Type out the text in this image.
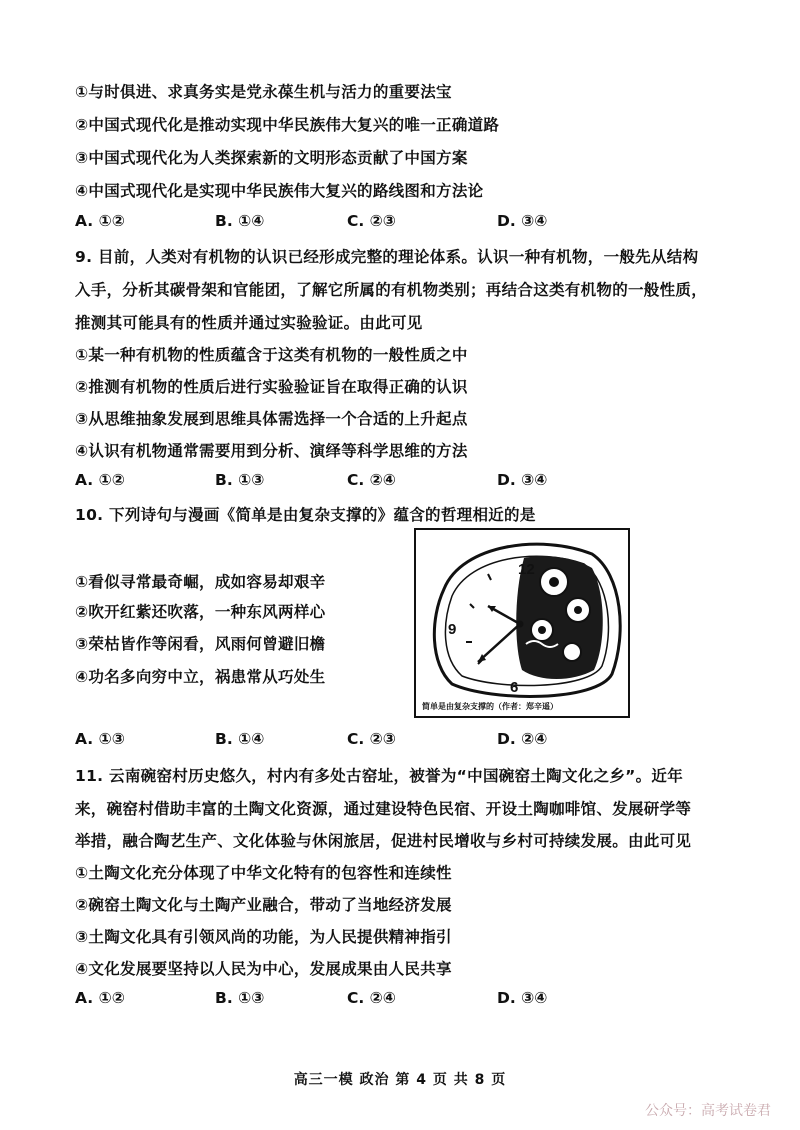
①与时俱进、求真务实是党永葆生机与活力的重要法宝
②中国式现代化是推动实现中华民族伟大复兴的唯一正确道路
③中国式现代化为人类探索新的文明形态贡献了中国方案
④中国式现代化是实现中华民族伟大复兴的路线图和方法论
A. ①②	B. ①④	C. ②③	D. ③④
9. 目前，人类对有机物的认识已经形成完整的理论体系。认识一种有机物，一般先从结构
入手，分析其碳骨架和官能团，了解它所属的有机物类别；再结合这类有机物的一般性质，
推测其可能具有的性质并通过实验验证。由此可见
①某一种有机物的性质蕴含于这类有机物的一般性质之中
②推测有机物的性质后进行实验验证旨在取得正确的认识
③从思维抽象发展到思维具体需选择一个合适的上升起点
④认识有机物通常需要用到分析、演绎等科学思维的方法
A. ①②	B. ①③	C. ②④	D. ③④
10. 下列诗句与漫画《简单是由复杂支撑的》蕴含的哲理相近的是
①看似寻常最奇崛，成如容易却艰辛
②吹开红紫还吹落，一种东风两样心
③荣枯皆作等闲看，风雨何曾避旧檐
④功名多向穷中立，祸患常从巧处生
12
9
6
简单是由复杂支撑的（作者：郑辛遥）
A. ①③	B. ①④	C. ②③	D. ②④
11. 云南碗窑村历史悠久，村内有多处古窑址，被誉为“中国碗窑土陶文化之乡”。近年
来，碗窑村借助丰富的土陶文化资源，通过建设特色民宿、开设土陶咖啡馆、发展研学等
举措，融合陶艺生产、文化体验与休闲旅居，促进村民增收与乡村可持续发展。由此可见
①土陶文化充分体现了中华文化特有的包容性和连续性
②碗窑土陶文化与土陶产业融合，带动了当地经济发展
③土陶文化具有引领风尚的功能，为人民提供精神指引
④文化发展要坚持以人民为中心，发展成果由人民共享
A. ①②	B. ①③	C. ②④	D. ③④
高三一模 政治 第 4 页 共 8 页
公众号：高考试卷君
